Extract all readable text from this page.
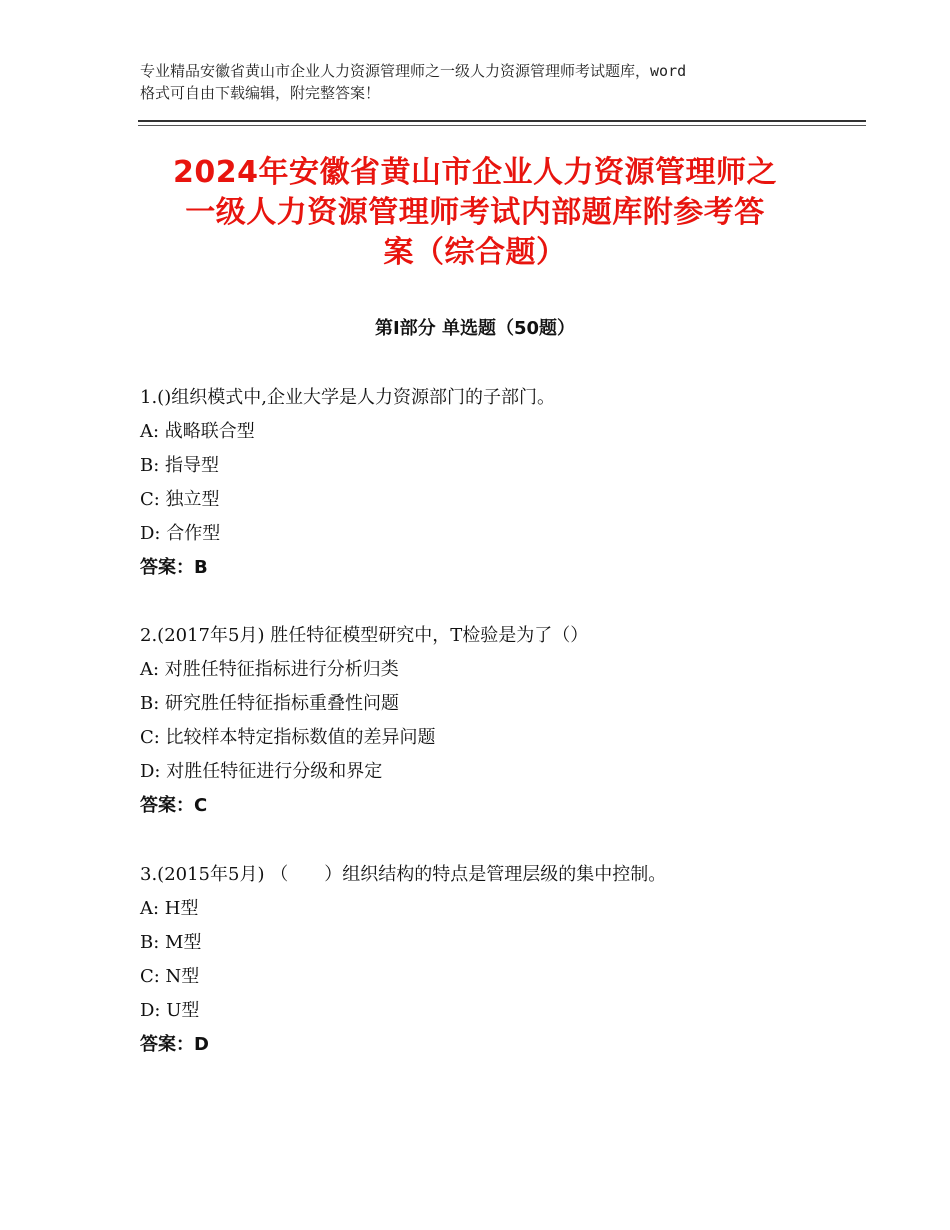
专业精品安徽省黄山市企业人力资源管理师之一级人力资源管理师考试题库，word
格式可自由下载编辑，附完整答案！
2024年安徽省黄山市企业人力资源管理师之
一级人力资源管理师考试内部题库附参考答
案（综合题）
第Ⅰ部分 单选题（50题）
1.()组织模式中,企业大学是人力资源部门的子部门。
A: 战略联合型
B: 指导型
C: 独立型
D: 合作型
答案：B
2.(2017年5月) 胜任特征模型研究中，T检验是为了（）
A: 对胜任特征指标进行分析归类
B: 研究胜任特征指标重叠性问题
C: 比较样本特定指标数值的差异问题
D: 对胜任特征进行分级和界定
答案：C
3.(2015年5月) （　　）组织结构的特点是管理层级的集中控制。
A: H型
B: M型
C: N型
D: U型
答案：D
